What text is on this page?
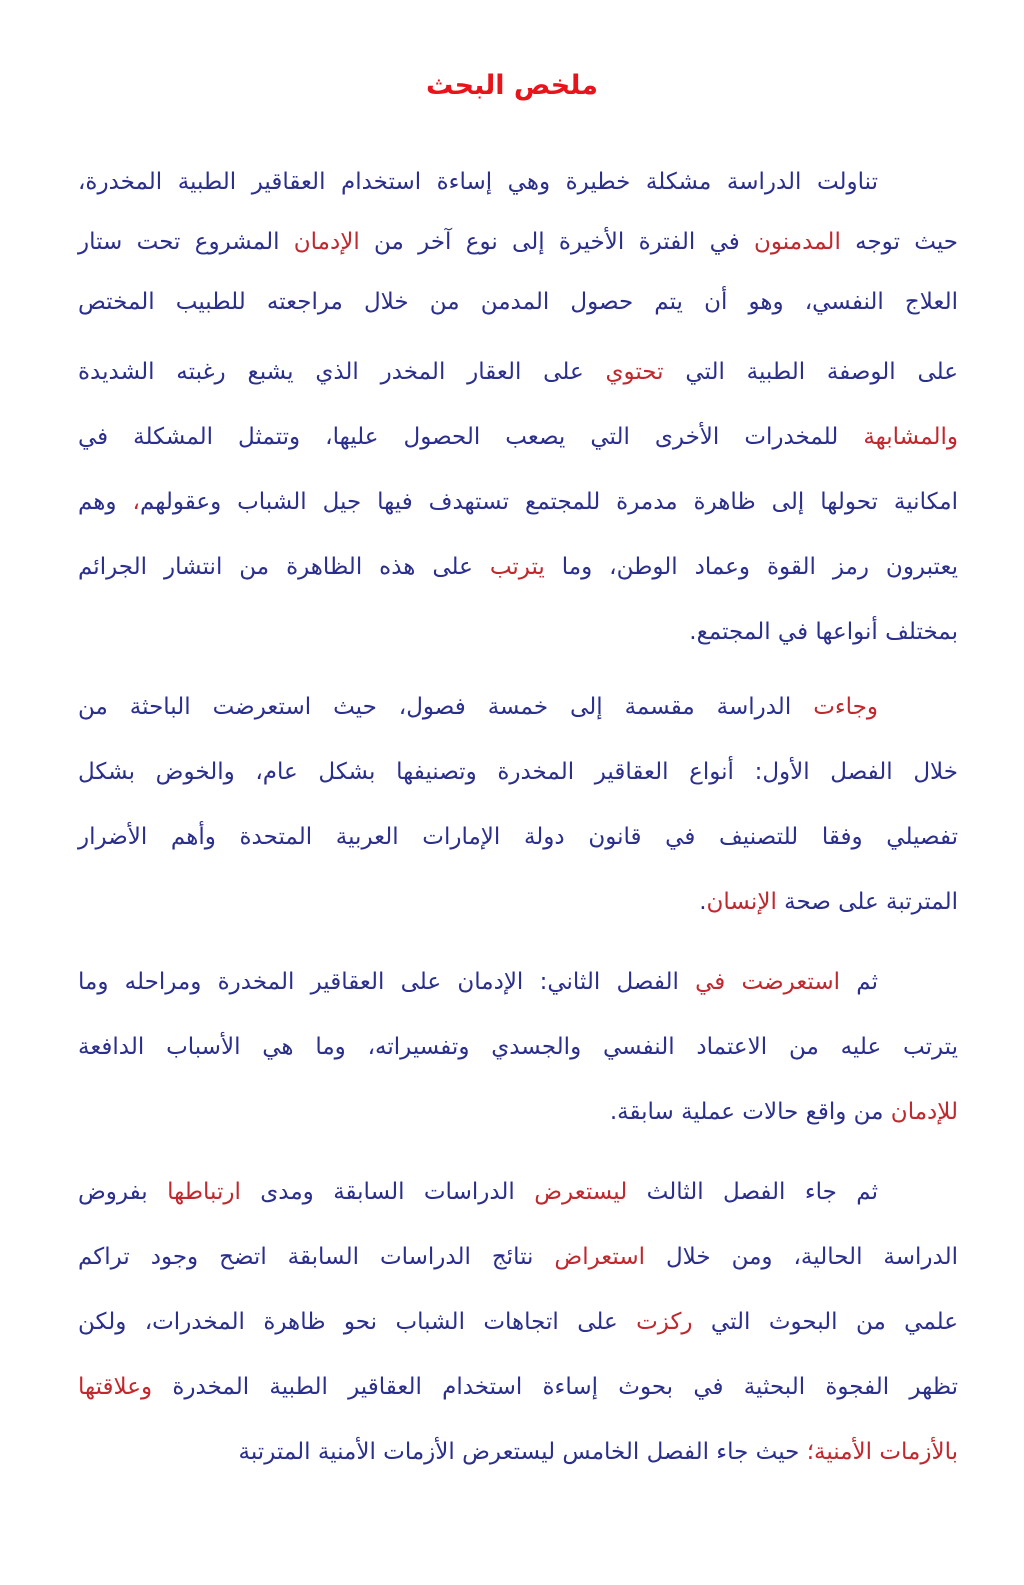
ملخص البحث
تناولت الدراسة مشكلة خطيرة وهي إساءة استخدام العقاقير الطبية المخدرة،
حيث توجه المدمنون في الفترة الأخيرة إلى نوع آخر من الإدمان المشروع تحت ستار
العلاج النفسي، وهو أن يتم حصول المدمن من خلال مراجعته للطبيب المختص
على الوصفة الطبية التي تحتوي على العقار المخدر الذي يشبع رغبته الشديدة
والمشابهة للمخدرات الأخرى التي يصعب الحصول عليها، وتتمثل المشكلة في
امكانية تحولها إلى ظاهرة مدمرة للمجتمع تستهدف فيها جيل الشباب وعقولهم، وهم
يعتبرون رمز القوة وعماد الوطن، وما يترتب على هذه الظاهرة من انتشار الجرائم
بمختلف أنواعها في المجتمع.
وجاءت الدراسة مقسمة إلى خمسة فصول، حيث استعرضت الباحثة من
خلال الفصل الأول: أنواع العقاقير المخدرة وتصنيفها بشكل عام، والخوض بشكل
تفصيلي وفقا للتصنيف في قانون دولة الإمارات العربية المتحدة وأهم الأضرار
المترتبة على صحة الإنسان.
ثم استعرضت في الفصل الثاني: الإدمان على العقاقير المخدرة ومراحله وما
يترتب عليه من الاعتماد النفسي والجسدي وتفسيراته، وما هي الأسباب الدافعة
للإدمان من واقع حالات عملية سابقة.
ثم جاء الفصل الثالث ليستعرض الدراسات السابقة ومدى ارتباطها بفروض
الدراسة الحالية، ومن خلال استعراض نتائج الدراسات السابقة اتضح وجود تراكم
علمي من البحوث التي ركزت على اتجاهات الشباب نحو ظاهرة المخدرات، ولكن
تظهر الفجوة البحثية في بحوث إساءة استخدام العقاقير الطبية المخدرة وعلاقتها
بالأزمات الأمنية؛ حيث جاء الفصل الخامس ليستعرض الأزمات الأمنية المترتبة
